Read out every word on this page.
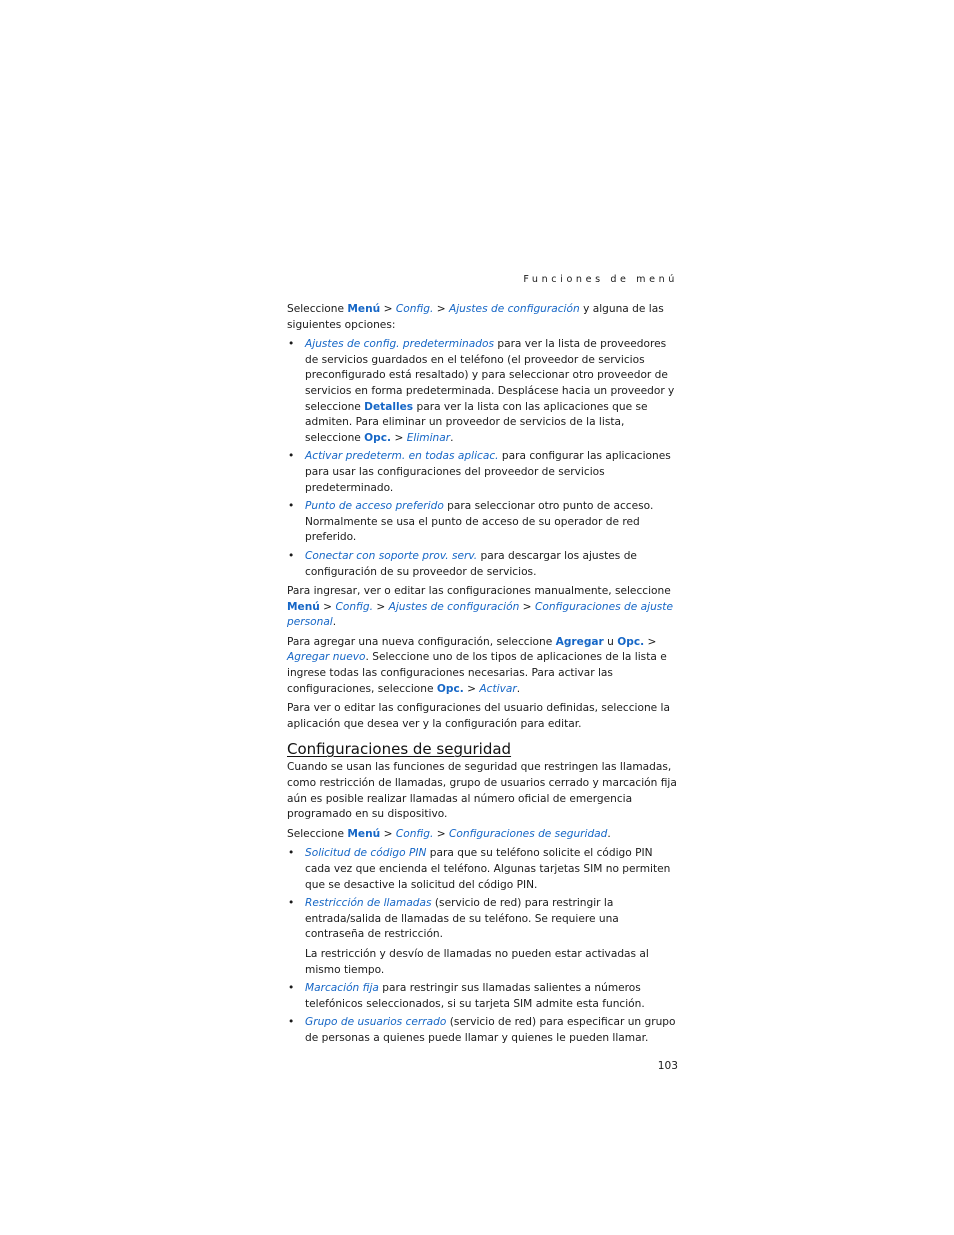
Funciones de menú

Seleccione Menú > Config. > Ajustes de configuración y alguna de las siguientes opciones:

• Ajustes de config. predeterminados para ver la lista de proveedores de servicios guardados en el teléfono (el proveedor de servicios preconfigurado está resaltado) y para seleccionar otro proveedor de servicios en forma predeterminada. Desplácese hacia un proveedor y seleccione Detalles para ver la lista con las aplicaciones que se admiten. Para eliminar un proveedor de servicios de la lista, seleccione Opc. > Eliminar.
• Activar predeterm. en todas aplicac. para configurar las aplicaciones para usar las configuraciones del proveedor de servicios predeterminado.
• Punto de acceso preferido para seleccionar otro punto de acceso. Normalmente se usa el punto de acceso de su operador de red preferido.
• Conectar con soporte prov. serv. para descargar los ajustes de configuración de su proveedor de servicios.

Para ingresar, ver o editar las configuraciones manualmente, seleccione Menú > Config. > Ajustes de configuración > Configuraciones de ajuste personal.

Para agregar una nueva configuración, seleccione Agregar u Opc. > Agregar nuevo. Seleccione uno de los tipos de aplicaciones de la lista e ingrese todas las configuraciones necesarias. Para activar las configuraciones, seleccione Opc. > Activar.

Para ver o editar las configuraciones del usuario definidas, seleccione la aplicación que desea ver y la configuración para editar.

Configuraciones de seguridad

Cuando se usan las funciones de seguridad que restringen las llamadas, como restricción de llamadas, grupo de usuarios cerrado y marcación fija aún es posible realizar llamadas al número oficial de emergencia programado en su dispositivo.

Seleccione Menú > Config. > Configuraciones de seguridad.

• Solicitud de código PIN para que su teléfono solicite el código PIN cada vez que encienda el teléfono. Algunas tarjetas SIM no permiten que se desactive la solicitud del código PIN.
• Restricción de llamadas (servicio de red) para restringir la entrada/salida de llamadas de su teléfono. Se requiere una contraseña de restricción.
La restricción y desvío de llamadas no pueden estar activadas al mismo tiempo.
• Marcación fija para restringir sus llamadas salientes a números telefónicos seleccionados, si su tarjeta SIM admite esta función.
• Grupo de usuarios cerrado (servicio de red) para especificar un grupo de personas a quienes puede llamar y quienes le pueden llamar.
103
